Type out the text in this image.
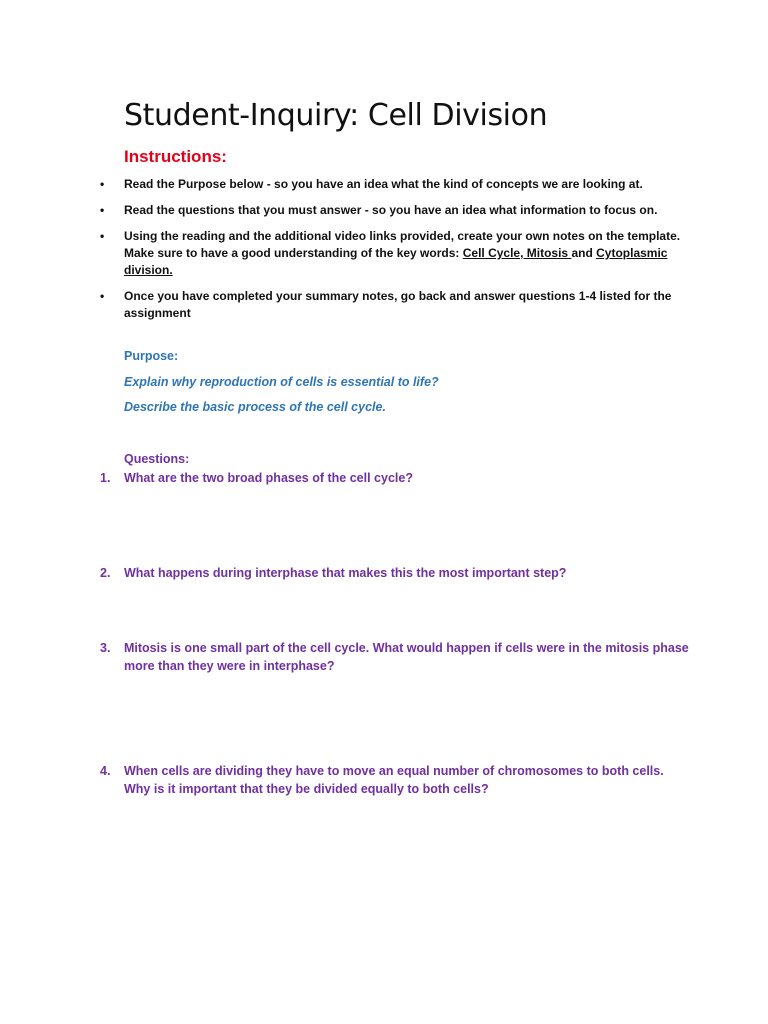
Student-Inquiry: Cell Division
Instructions:
• Read the Purpose below - so you have an idea what the kind of concepts we are looking at.
• Read the questions that you must answer - so you have an idea what information to focus on.
• Using the reading and the additional video links provided, create your own notes on the template. Make sure to have a good understanding of the key words: Cell Cycle, Mitosis and Cytoplasmic division.
• Once you have completed your summary notes, go back and answer questions 1-4 listed for the assignment

Purpose:

Explain why reproduction of cells is essential to life?

Describe the basic process of the cell cycle.

Questions:

1.	What are the two broad phases of the cell cycle?
2.	What happens during interphase that makes this the most important step?
3.	Mitosis is one small part of the cell cycle. What would happen if cells were in the mitosis phase more than they were in interphase?
4.	When cells are dividing they have to move an equal number of chromosomes to both cells. Why is it important that they be divided equally to both cells?
